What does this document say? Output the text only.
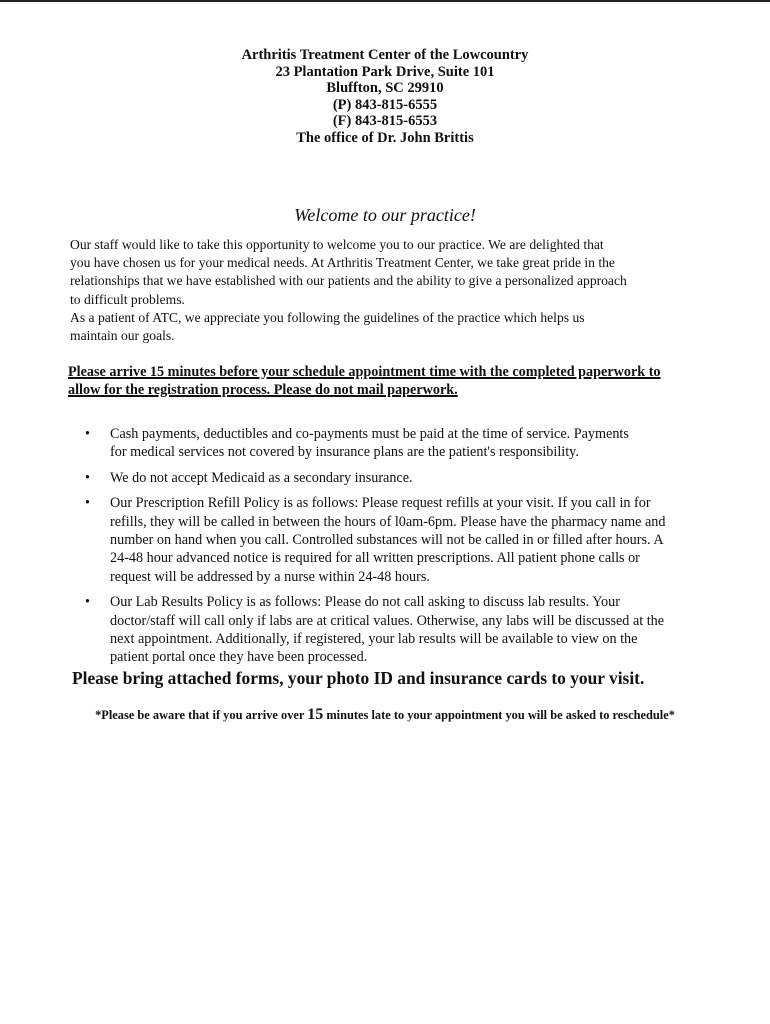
Arthritis Treatment Center of the Lowcountry
23 Plantation Park Drive, Suite 101
Bluffton, SC 29910
(P) 843-815-6555
(F) 843-815-6553
The office of Dr. John Brittis
Welcome to our practice!
Our staff would like to take this opportunity to welcome you to our practice. We are delighted that
you have chosen us for your medical needs. At Arthritis Treatment Center, we take great pride in the
relationships that we have established with our patients and the ability to give a personalized approach
to difficult problems.
As a patient of ATC, we appreciate you following the guidelines of the practice which helps us
maintain our goals.
Please arrive 15 minutes before your schedule appointment time with the completed paperwork to
allow for the registration process. Please do not mail paperwork.
• Cash payments, deductibles and co-payments must be paid at the time of service. Payments
for medical services not covered by insurance plans are the patient's responsibility.
• We do not accept Medicaid as a secondary insurance.
• Our Prescription Refill Policy is as follows: Please request refills at your visit. If you call in for
refills, they will be called in between the hours of l0am-6pm. Please have the pharmacy name and
number on hand when you call. Controlled substances will not be called in or filled after hours. A
24-48 hour advanced notice is required for all written prescriptions. All patient phone calls or
request will be addressed by a nurse within 24-48 hours.
• Our Lab Results Policy is as follows: Please do not call asking to discuss lab results. Your
doctor/staff will call only if labs are at critical values. Otherwise, any labs will be discussed at the
next appointment. Additionally, if registered, your lab results will be available to view on the
patient portal once they have been processed.
Please bring attached forms, your photo ID and insurance cards to your visit.
*Please be aware that if you arrive over 15 minutes late to your appointment you will be asked to reschedule*
